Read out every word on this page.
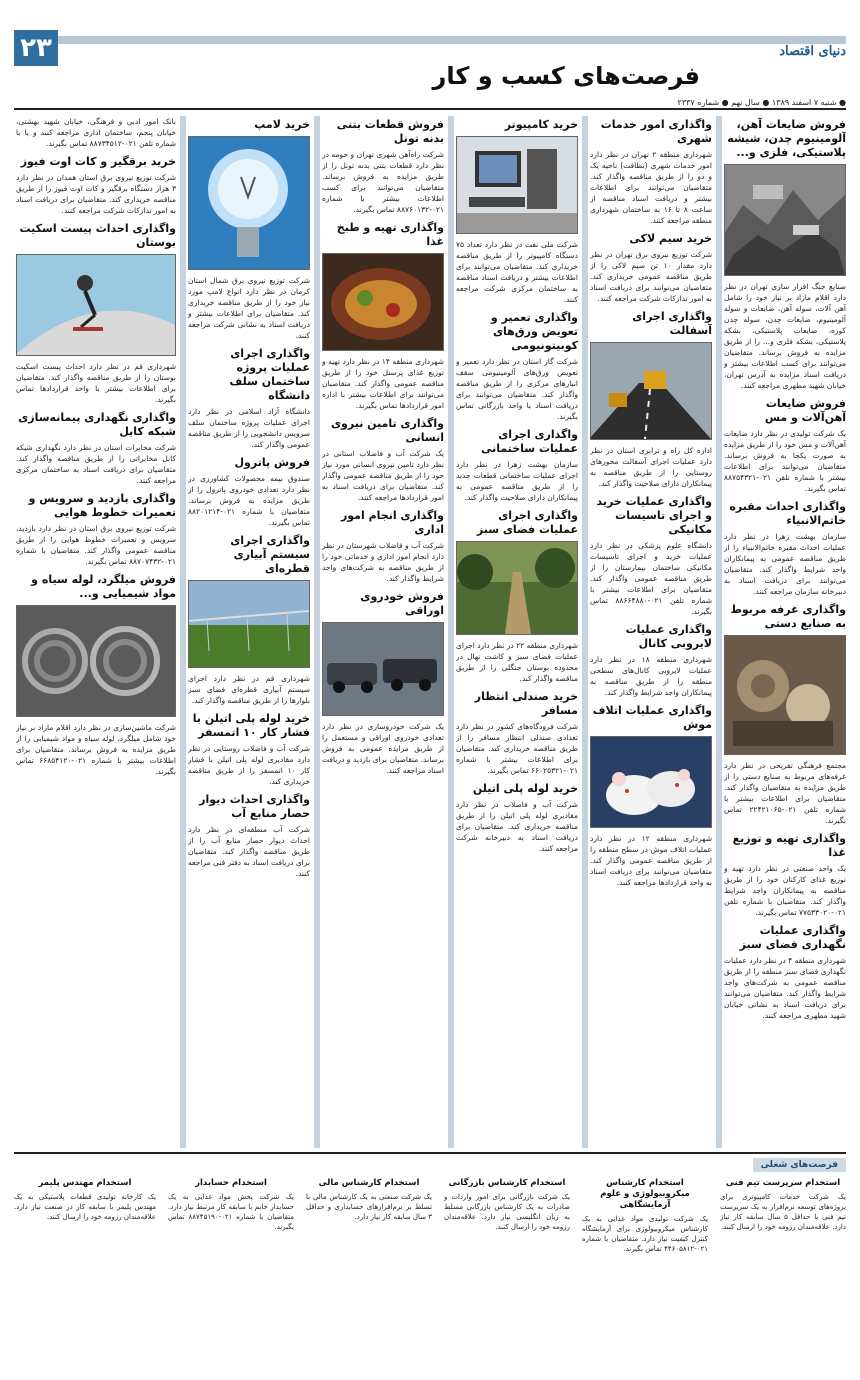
۲۳	دنیای اقتصاد
فرصت‌های کسب و کار
● شنبه ۷ اسفند ۱۳۸۹ ● سال نهم ● شماره ۲۳۳۷
فروش ضایعات آهن، آلومینیوم چدن، شیشه پلاستیکی، فلزی و...
صنایع جنگ افزار سازی تهران در نظر دارد اقلام مازاد بر نیاز خود را شامل آهن آلات، سوله آهن، ضایعات و سوله آلومینیوم، ضایعات چدن، سوله چدن کوره، ضایعات پلاستیکی، بشکه پلاستیکی، بشکه فلزی و... را از طریق مزایده به فروش برساند. متقاضیان می‌توانند برای کسب اطلاعات بیشتر و دریافت اسناد مزایده به آدرس تهران، خیابان شهید مطهری مراجعه کنند.
فروش ضایعات آهن‌آلات و مس
یک شرکت تولیدی در نظر دارد ضایعات آهن‌آلات و مس خود را از طریق مزایده به صورت یکجا به فروش برساند. متقاضیان می‌توانند برای اطلاعات بیشتر با شماره تلفن ۰۲۱-۸۸۷۵۴۳۲۱ تماس بگیرند.
واگذاری احداث مقبره خاتم‌الانبیاء
سازمان بهشت زهرا در نظر دارد عملیات احداث مقبره خاتم‌الانبیاء را از طریق مناقصه عمومی به پیمانکاران واجد شرایط واگذار کند. متقاضیان می‌توانند برای دریافت اسناد به دبیرخانه سازمان مراجعه کنند.
واگذاری غرفه مربوط به صنایع دستی
مجتمع فرهنگی تفریحی در نظر دارد غرفه‌های مربوط به صنایع دستی را از طریق مزایده به متقاضیان واگذار کند. متقاضیان برای اطلاعات بیشتر با شماره تلفن ۰۲۱-۲۲۴۲۱۰۶۵ تماس بگیرند.
واگذاری تهیه و توزیع غذا
یک واحد صنعتی در نظر دارد تهیه و توزیع غذای کارکنان خود را از طریق مناقصه به پیمانکاران واجد شرایط واگذار کند. متقاضیان با شماره تلفن ۰۲۱-۷۷۵۳۳۰۲۰ تماس بگیرند.
واگذاری عملیات نگهداری فضای سبز
شهرداری منطقه ۴ در نظر دارد عملیات نگهداری فضای سبز منطقه را از طریق مناقصه عمومی به شرکت‌های واجد شرایط واگذار کند. متقاضیان می‌توانند برای دریافت اسناد به نشانی خیابان شهید مطهری مراجعه کنند.
واگذاری امور خدمات شهری
شهرداری منطقه ۲ تهران در نظر دارد امور خدمات شهری (نظافت) ناحیه یک و دو را از طریق مناقصه واگذار کند. متقاضیان می‌توانند برای اطلاعات بیشتر و دریافت اسناد مناقصه از ساعت ۸ تا ۱۶ به ساختمان شهرداری منطقه مراجعه کنند.
خرید سیم لاکی
شرکت توزیع نیروی برق تهران در نظر دارد مقدار ۱۰ تن سیم لاکی را از طریق مناقصه عمومی خریداری کند. متقاضیان می‌توانند برای دریافت اسناد به امور تدارکات شرکت مراجعه کنند.
واگذاری اجرای آسفالت
اداره کل راه و ترابری استان در نظر دارد عملیات اجرای آسفالت محورهای روستایی را از طریق مناقصه به پیمانکاران دارای صلاحیت واگذار کند.
واگذاری عملیات خرید و اجرای تاسیسات مکانیکی
دانشگاه علوم پزشکی در نظر دارد عملیات خرید و اجرای تاسیسات مکانیکی ساختمان بیمارستان را از طریق مناقصه عمومی واگذار کند. متقاضیان برای اطلاعات بیشتر با شماره تلفن ۰۲۱-۸۸۶۶۴۸۸۰ تماس بگیرند.
واگذاری عملیات لایروبی کانال
شهرداری منطقه ۱۸ در نظر دارد عملیات لایروبی کانال‌های سطحی منطقه را از طریق مناقصه به پیمانکاران واجد شرایط واگذار کند.
واگذاری عملیات اتلاف موش
شهرداری منطقه ۱۲ در نظر دارد عملیات اتلاف موش در سطح منطقه را از طریق مناقصه عمومی واگذار کند. متقاضیان می‌توانند برای دریافت اسناد به واحد قراردادها مراجعه کنند.
خرید کامپیوتر
شرکت ملی نفت در نظر دارد تعداد ۷۵ دستگاه کامپیوتر را از طریق مناقصه خریداری کند. متقاضیان می‌توانند برای اطلاعات بیشتر و دریافت اسناد مناقصه به ساختمان مرکزی شرکت مراجعه کنند.
واگذاری تعمیر و تعویض ورق‌های کوبیتونیومی
شرکت گاز استان در نظر دارد تعمیر و تعویض ورق‌های آلومینیومی سقف انبارهای مرکزی را از طریق مناقصه واگذار کند. متقاضیان می‌توانند برای دریافت اسناد با واحد بازرگانی تماس بگیرند.
واگذاری اجرای عملیات ساختمانی
سازمان بهشت زهرا در نظر دارد اجرای عملیات ساختمانی قطعات جدید را از طریق مناقصه عمومی به پیمانکاران دارای صلاحیت واگذار کند.
واگذاری اجرای عملیات فضای سبز
شهرداری منطقه ۲۲ در نظر دارد اجرای عملیات فضای سبز و کاشت نهال در محدوده بوستان جنگلی را از طریق مناقصه واگذار کند.
خرید صندلی انتظار مسافر
شرکت فرودگاه‌های کشور در نظر دارد تعدادی صندلی انتظار مسافر را از طریق مناقصه خریداری کند. متقاضیان برای اطلاعات بیشتر با شماره ۰۲۱-۶۶۰۲۵۳۲۱ تماس بگیرند.
خرید لوله پلی اتیلن
شرکت آب و فاضلاب در نظر دارد مقادیری لوله پلی اتیلن را از طریق مناقصه خریداری کند. متقاضیان برای دریافت اسناد به دبیرخانه شرکت مراجعه کنند.
فروش قطعات بتنی بدنه تونل
شرکت راه‌آهن شهری تهران و حومه در نظر دارد قطعات بتنی بدنه تونل را از طریق مزایده به فروش برساند. متقاضیان می‌توانند برای کسب اطلاعات بیشتر با شماره ۰۲۱-۸۸۷۶۰۱۳۲ تماس بگیرند.
واگذاری تهیه و طبخ غذا
شهرداری منطقه ۱۴ در نظر دارد تهیه و توزیع غذای پرسنل خود را از طریق مناقصه عمومی واگذار کند. متقاضیان می‌توانند برای اطلاعات بیشتر با اداره امور قراردادها تماس بگیرند.
واگذاری تامین نیروی انسانی
یک شرکت آب و فاضلاب استانی در نظر دارد تامین نیروی انسانی مورد نیاز خود را از طریق مناقصه عمومی واگذار کند. متقاضیان برای دریافت اسناد به امور قراردادها مراجعه کنند.
واگذاری انجام امور اداری
شرکت آب و فاضلاب شهرستان در نظر دارد انجام امور اداری و خدماتی خود را از طریق مناقصه به شرکت‌های واجد شرایط واگذار کند.
فروش خودروی اوراقی
یک شرکت خودروسازی در نظر دارد تعدادی خودروی اوراقی و مستعمل را از طریق مزایده عمومی به فروش برساند. متقاضیان برای بازدید و دریافت اسناد مراجعه کنند.
خرید لامپ
شرکت توزیع نیروی برق شمال استان کرمان در نظر دارد انواع لامپ مورد نیاز خود را از طریق مناقصه خریداری کند. متقاضیان برای اطلاعات بیشتر و دریافت اسناد به نشانی شرکت مراجعه کنند.
واگذاری اجرای عملیات پروژه ساختمان سلف دانشگاه
دانشگاه آزاد اسلامی در نظر دارد اجرای عملیات پروژه ساختمان سلف سرویس دانشجویی را از طریق مناقصه عمومی واگذار کند.
فروش پاترول
صندوق بیمه محصولات کشاورزی در نظر دارد تعدادی خودروی پاترول را از طریق مزایده به فروش برساند. متقاضیان با شماره ۰۲۱-۸۸۲۰۱۲۱۴ تماس بگیرند.
واگذاری اجرای سیستم آبیاری قطره‌ای
شهرداری قم در نظر دارد اجرای سیستم آبیاری قطره‌ای فضای سبز بلوارها را از طریق مناقصه واگذار کند.
خرید لوله پلی اتیلن با فشار کار ۱۰ اتمسفر
شرکت آب و فاضلاب روستایی در نظر دارد مقادیری لوله پلی اتیلن با فشار کار ۱۰ اتمسفر را از طریق مناقصه خریداری کند.
واگذاری احداث دیوار حصار منابع آب
شرکت آب منطقه‌ای در نظر دارد احداث دیوار حصار منابع آب را از طریق مناقصه واگذار کند. متقاضیان برای دریافت اسناد به دفتر فنی مراجعه کنند.
بانک امور ادبی و فرهنگی، خیابان شهید بهشتی، خیابان پنجم، ساختمان اداری مراجعه کنند و یا با شماره تلفن ۰۲۱-۸۸۷۳۴۵۱۲ تماس بگیرند.
خرید برقگیر و کات اوت فیوز
شرکت توزیع نیروی برق استان همدان در نظر دارد ۳ هزار دستگاه برقگیر و کات اوت فیوز را از طریق مناقصه خریداری کند. متقاضیان برای دریافت اسناد به امور تدارکات شرکت مراجعه کنند.
واگذاری احداث پیست اسکیت بوستان
شهرداری قم در نظر دارد احداث پیست اسکیت بوستان را از طریق مناقصه واگذار کند. متقاضیان برای اطلاعات بیشتر با واحد قراردادها تماس بگیرند.
واگذاری نگهداری پیمانه‌سازی شبکه کابل
شرکت مخابرات استان در نظر دارد نگهداری شبکه کابل مخابراتی را از طریق مناقصه واگذار کند. متقاضیان برای دریافت اسناد به ساختمان مرکزی مراجعه کنند.
واگذاری بازدید و سرویس و تعمیرات خطوط هوایی
شرکت توزیع نیروی برق استان در نظر دارد بازدید، سرویس و تعمیرات خطوط هوایی را از طریق مناقصه عمومی واگذار کند. متقاضیان با شماره ۰۲۱-۸۸۷۰۷۴۳۲ تماس بگیرند.
فروش میلگرد، لوله سیاه و مواد شیمیایی و...
شرکت ماشین‌سازی در نظر دارد اقلام مازاد بر نیاز خود شامل میلگرد، لوله سیاه و مواد شیمیایی را از طریق مزایده به فروش برساند. متقاضیان برای اطلاعات بیشتر با شماره ۰۲۱-۶۶۸۵۴۱۲۰ تماس بگیرند.
فرصت‌های شغلی
استخدام سرپرست تیم فنی
یک شرکت خدمات کامپیوتری برای پروژه‌های توسعه نرم‌افزار به یک سرپرست تیم فنی با حداقل ۵ سال سابقه کار نیاز دارد. علاقه‌مندان رزومه خود را ارسال کنند.
استخدام کارشناس میکروبیولوژی و علوم آزمایشگاهی
یک شرکت تولیدی مواد غذایی به یک کارشناس میکروبیولوژی برای آزمایشگاه کنترل کیفیت نیاز دارد. متقاضیان با شماره ۰۲۱-۴۴۶۰۵۸۱۲ تماس بگیرند.
استخدام کارشناس بازرگانی
یک شرکت بازرگانی برای امور واردات و صادرات به یک کارشناس بازرگانی مسلط به زبان انگلیسی نیاز دارد. علاقه‌مندان رزومه خود را ارسال کنند.
استخدام کارشناس مالی
یک شرکت صنعتی به یک کارشناس مالی با تسلط بر نرم‌افزارهای حسابداری و حداقل ۳ سال سابقه کار نیاز دارد.
استخدام حسابدار
یک شرکت پخش مواد غذایی به یک حسابدار خانم با سابقه کار مرتبط نیاز دارد. متقاضیان با شماره ۰۲۱-۸۸۷۴۵۱۹۰ تماس بگیرند.
استخدام مهندس پلیمر
یک کارخانه تولیدی قطعات پلاستیکی به یک مهندس پلیمر با سابقه کار در صنعت نیاز دارد. علاقه‌مندان رزومه خود را ارسال کنند.
